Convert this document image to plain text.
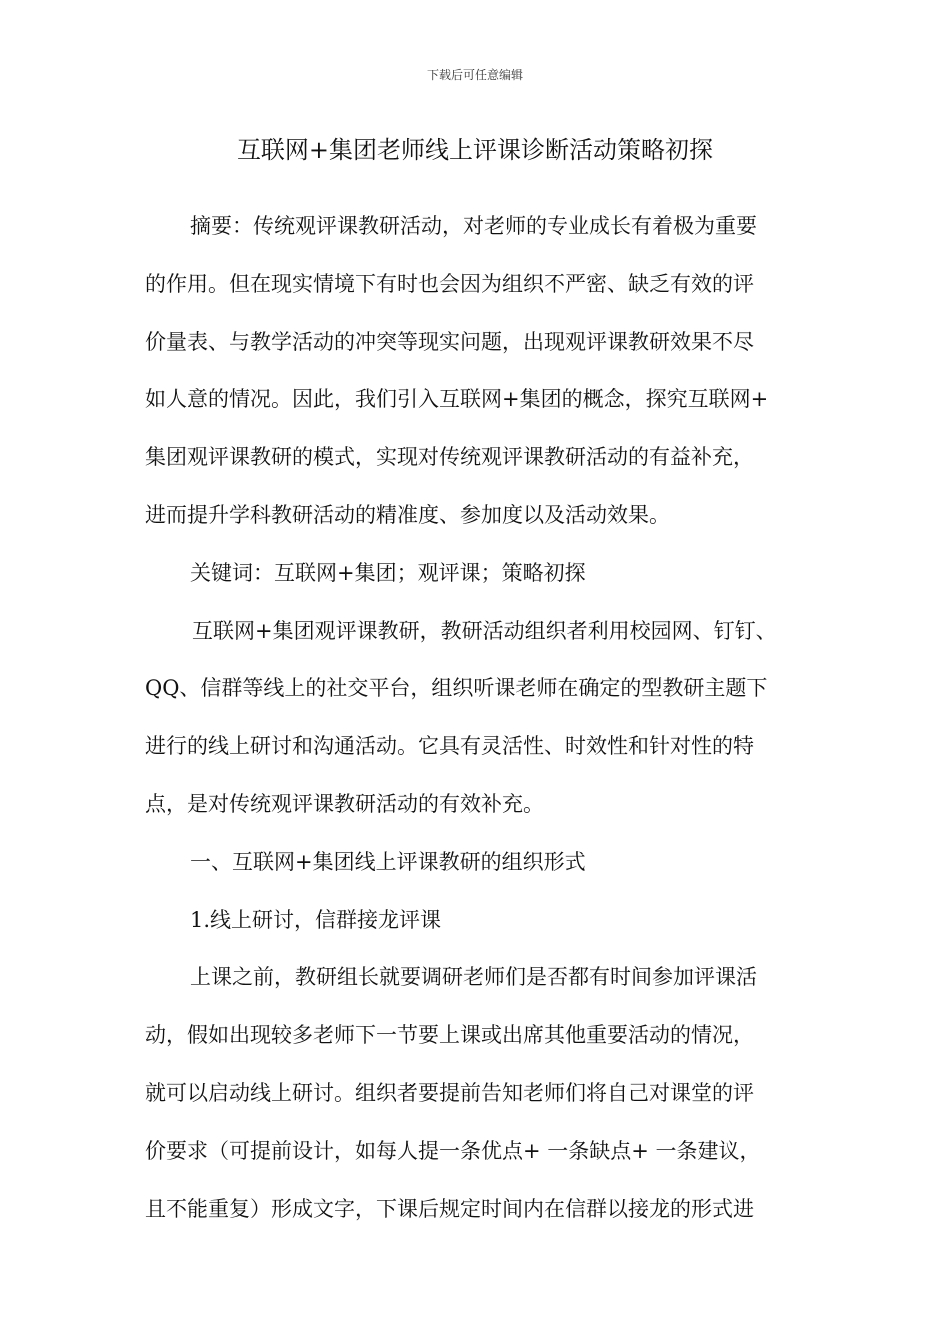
下载后可任意编辑
互联网+集团老师线上评课诊断活动策略初探
摘要：传统观评课教研活动，对老师的专业成长有着极为重要
的作用。但在现实情境下有时也会因为组织不严密、缺乏有效的评
价量表、与教学活动的冲突等现实问题，出现观评课教研效果不尽
如人意的情况。因此，我们引入互联网+集团的概念，探究互联网+
集团观评课教研的模式，实现对传统观评课教研活动的有益补充，
进而提升学科教研活动的精准度、参加度以及活动效果。
关键词：互联网+集团；观评课；策略初探
互联网+集团观评课教研，教研活动组织者利用校园网、钉钉、
QQ、信群等线上的社交平台，组织听课老师在确定的型教研主题下
进行的线上研讨和沟通活动。它具有灵活性、时效性和针对性的特
点，是对传统观评课教研活动的有效补充。
一、互联网+集团线上评课教研的组织形式
1.线上研讨，信群接龙评课
上课之前，教研组长就要调研老师们是否都有时间参加评课活
动，假如出现较多老师下一节要上课或出席其他重要活动的情况，
就可以启动线上研讨。组织者要提前告知老师们将自己对课堂的评
价要求（可提前设计，如每人提一条优点+ 一条缺点+ 一条建议，
且不能重复）形成文字，下课后规定时间内在信群以接龙的形式进
